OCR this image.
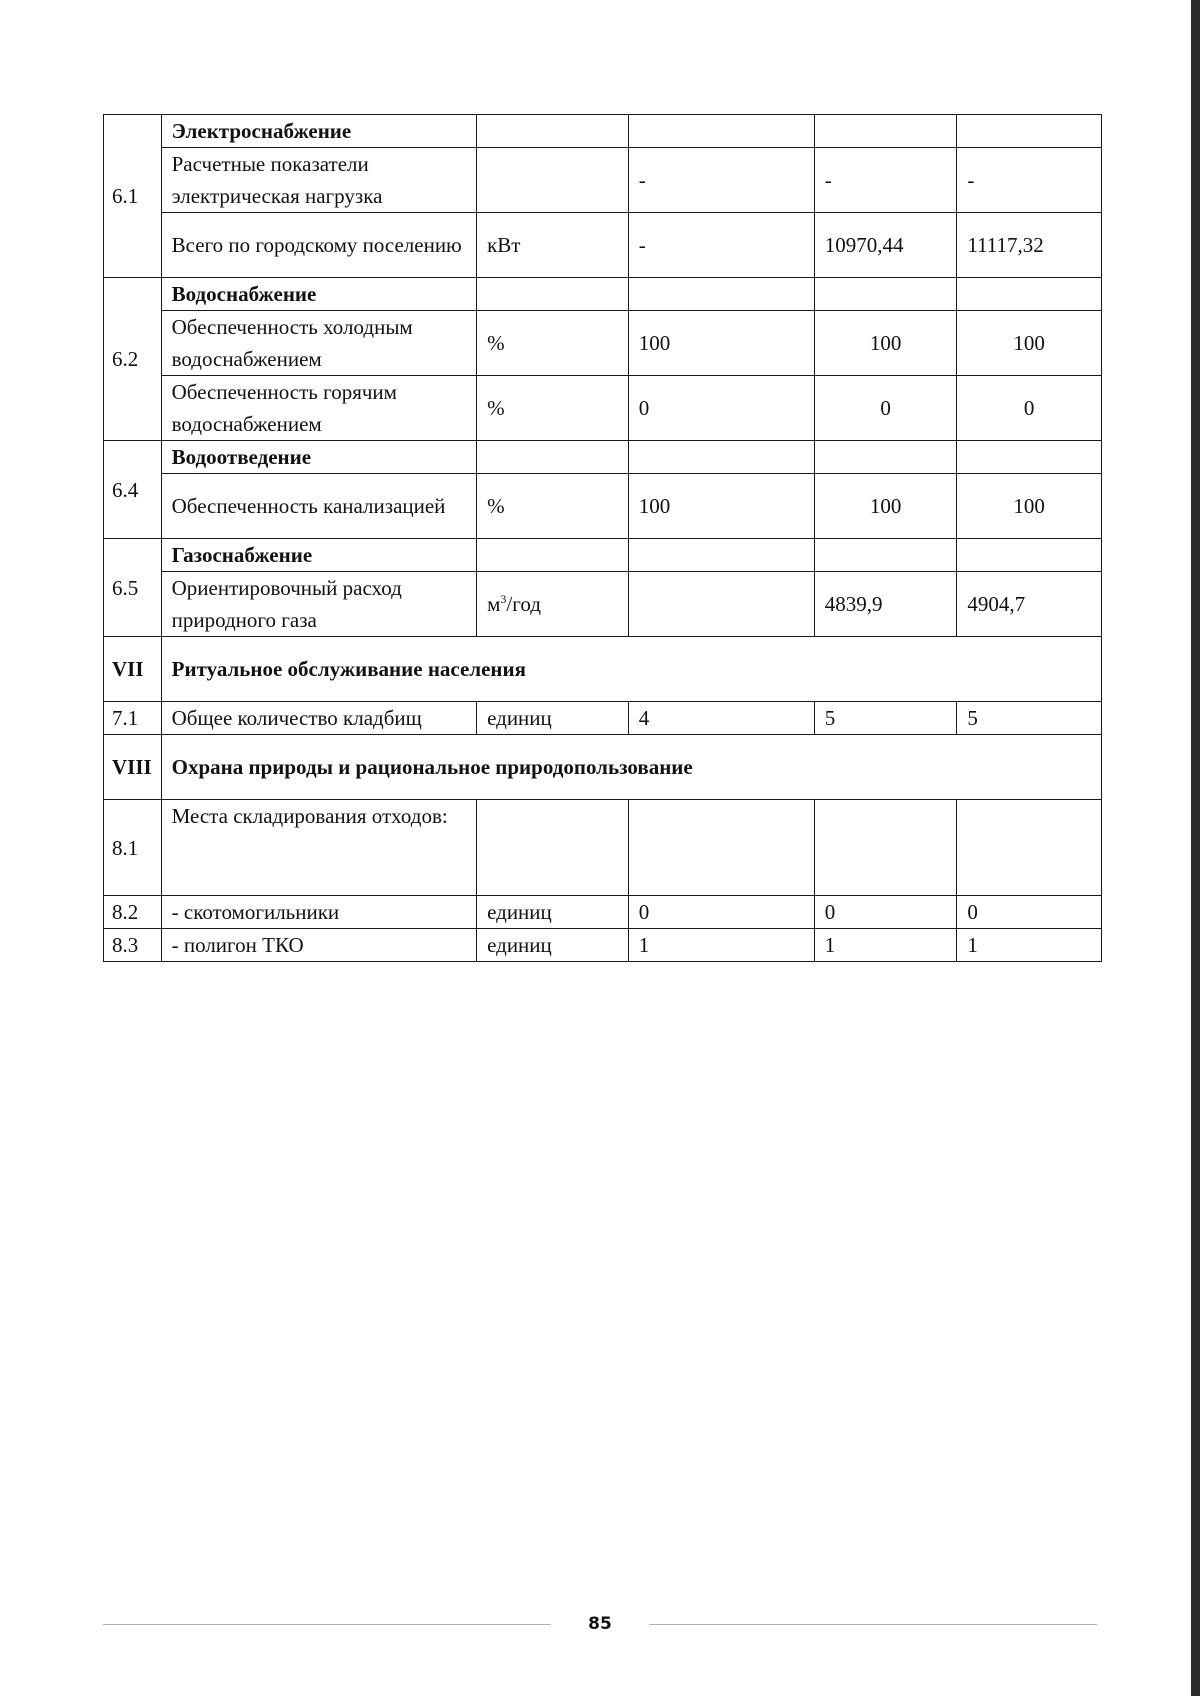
6.1	Электроснабжение				
	Расчетные показатели электрическая нагрузка		-	-	-
	Всего по городскому поселению	кВт	-	10970,44	11117,32
6.2	Водоснабжение				
	Обеспеченность холодным водоснабжением	%	100	100	100
	Обеспеченность горячим водоснабжением	%	0	0	0
6.4	Водоотведение				
	Обеспеченность канализацией	%	100	100	100
6.5	Газоснабжение				
	Ориентировочный расход природного газа	$м^3$/год		4839,9	4904,7
VII	Ритуальное обслуживание населения				
7.1	Общее количество кладбищ	единиц	4	5	5
VIII	Охрана природы и рациональное природопользование				
8.1	Места складирования отходов:				
8.2	- скотомогильники	единиц	0	0	0
8.3	- полигон ТКО	единиц	1	1	1
85
